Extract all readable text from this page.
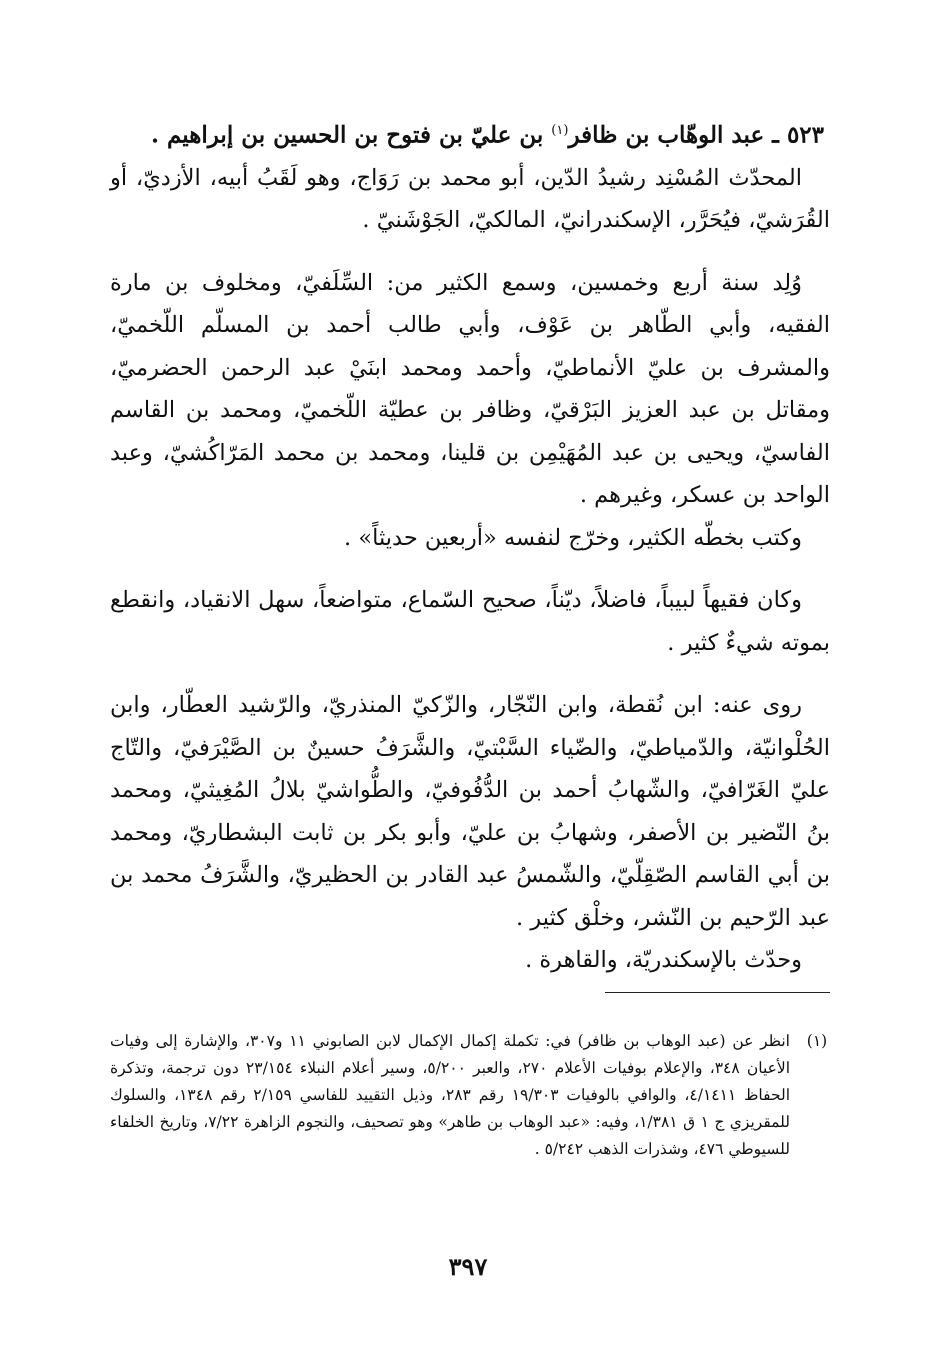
٥٢٣ ـ عبد الوهّاب بن ظافر$^{(١)}$ بن عليّ بن فتوح بن الحسين بن إبراهيم .

المحدّث المُسْنِد رشيدُ الدّين، أبو محمد بن رَوَاج، وهو لَقَبُ أبيه، الأزديّ، أو القُرَشيّ، فيُحَرَّر، الإسكندرانيّ، المالكيّ، الجَوْشَنيّ .

وُلِد سنة أربع وخمسين، وسمع الكثير من: السِّلَفيّ، ومخلوف بن مارة الفقيه، وأبي الطّاهر بن عَوْف، وأبي طالب أحمد بن المسلّم اللّخميّ، والمشرف بن عليّ الأنماطيّ، وأحمد ومحمد ابنَيْ عبد الرحمن الحضرميّ، ومقاتل بن عبد العزيز البَرْقيّ، وظافر بن عطيّة اللّخميّ، ومحمد بن القاسم الفاسيّ، ويحيى بن عبد المُهَيْمِن بن قلينا، ومحمد بن محمد المَرّاكُشيّ، وعبد الواحد بن عسكر، وغيرهم .

وكتب بخطّه الكثير، وخرّج لنفسه «أربعين حديثاً» .

وكان فقيهاً لبيباً، فاضلاً، ديّناً، صحيح السّماع، متواضعاً، سهل الانقياد، وانقطع بموته شيءٌ كثير .

روى عنه: ابن نُقطة، وابن النّجّار، والزّكيّ المنذريّ، والرّشيد العطّار، وابن الحُلْوانيّة، والدّمياطيّ، والضّياء السَّبْتيّ، والشَّرَفُ حسينٌ بن الصَّيْرَفيّ، والتّاج عليّ الغَرّافيّ، والشّهابُ أحمد بن الدُّفُوفيّ، والطُّواشيّ بلالُ المُغِيثيّ، ومحمد بنُ النّضير بن الأصفر، وشهابُ بن عليّ، وأبو بكر بن ثابت البشطاريّ، ومحمد بن أبي القاسم الصّقِلّيّ، والشّمسُ عبد القادر بن الحظيريّ، والشَّرَفُ محمد بن عبد الرّحيم بن النّشر، وخلْق كثير .

وحدّث بالإسكندريّة، والقاهرة .

(١)
انظر عن (عبد الوهاب بن ظافر) في: تكملة إكمال الإكمال لابن الصابوني ١١ و٣٠٧، والإشارة إلى وفيات الأعيان ٣٤٨، والإعلام بوفيات الأعلام ٢٧٠، والعبر ٥/٢٠٠، وسير أعلام النبلاء ٢٣/١٥٤ دون ترجمة، وتذكرة الحفاظ ٤/١٤١١، والوافي بالوفيات ١٩/٣٠٣ رقم ٢٨٣، وذيل التقييد للفاسي ٢/١٥٩ رقم ١٣٤٨، والسلوك للمقريزي ج ١ ق ١/٣٨١، وفيه: «عبد الوهاب بن طاهر» وهو تصحيف، والنجوم الزاهرة ٧/٢٢، وتاريخ الخلفاء للسيوطي ٤٧٦، وشذرات الذهب ٥/٢٤٢ .
٣٩٧
